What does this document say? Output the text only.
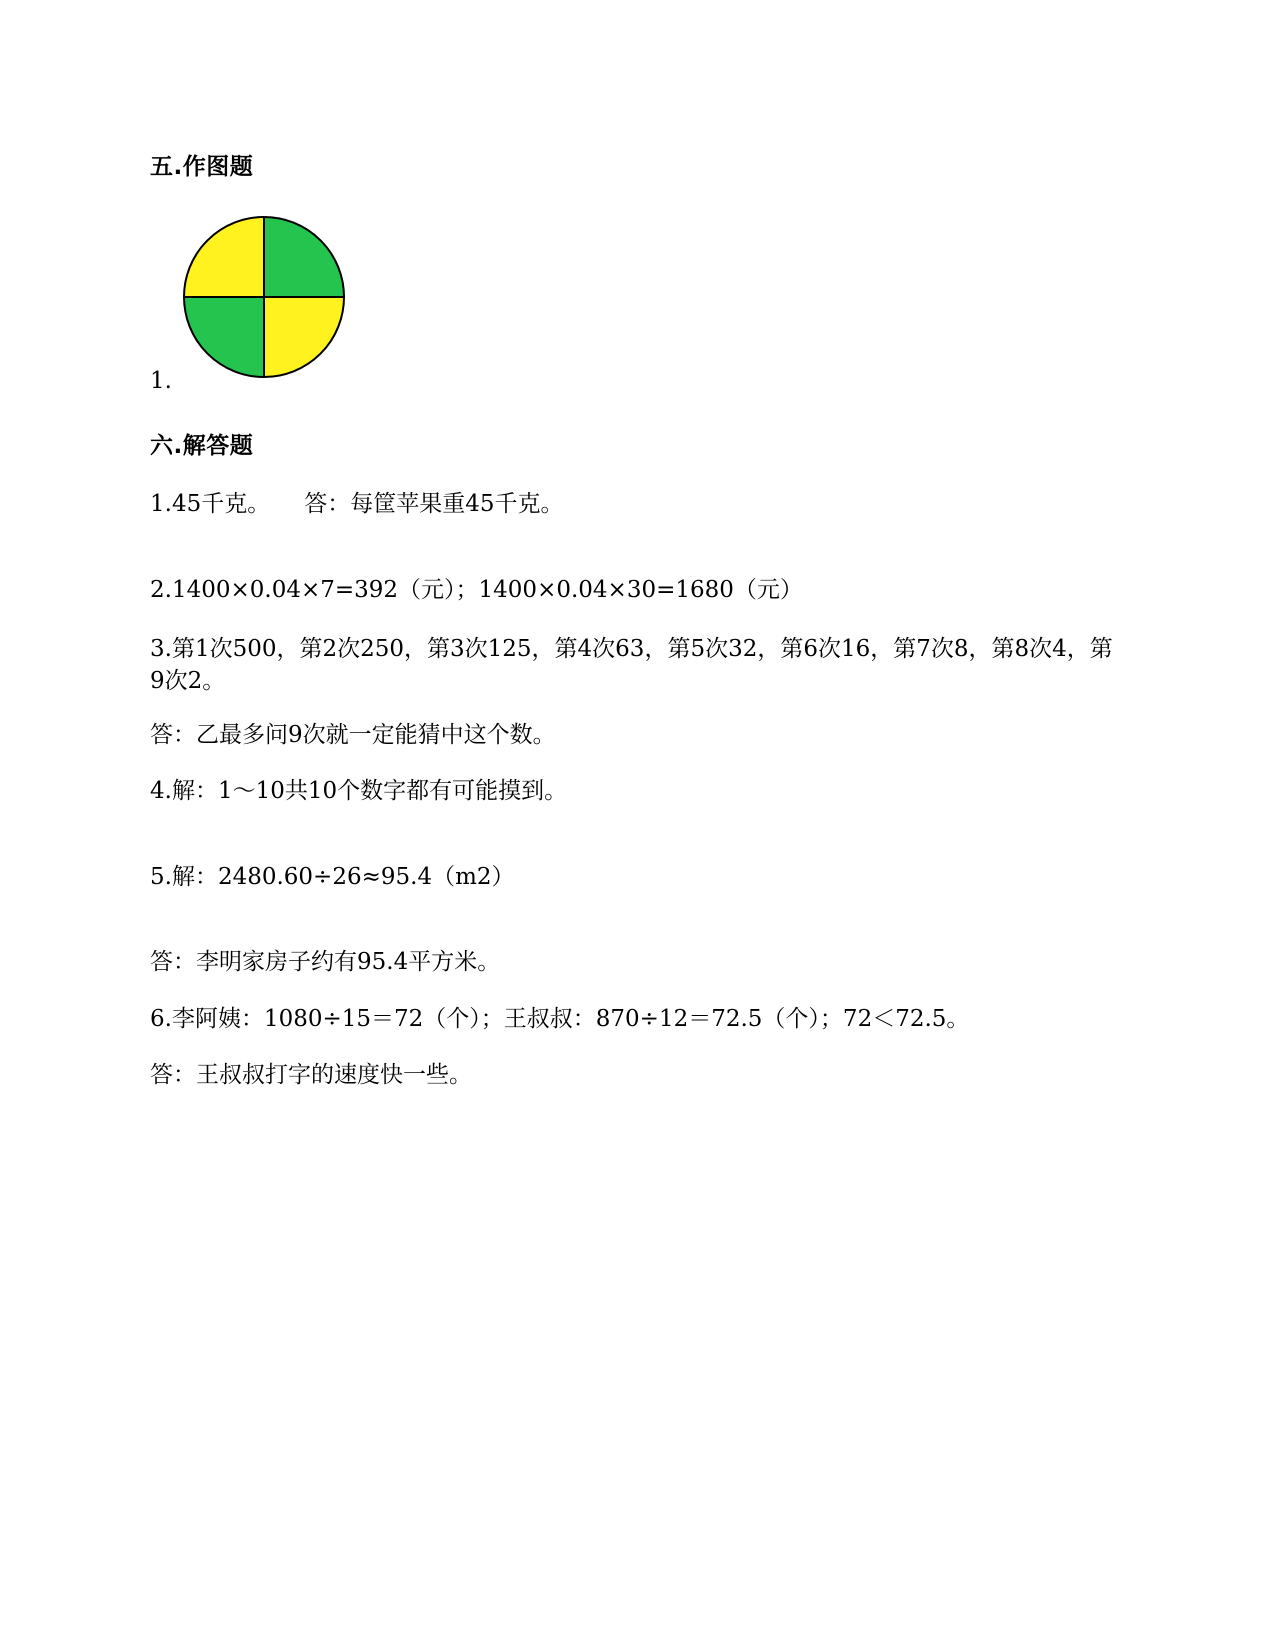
五.作图题
1.
六.解答题
1.45千克。 答：每筐苹果重45千克。
2.1400×0.04×7=392（元）；1400×0.04×30=1680（元）
3.第1次500，第2次250，第3次125，第4次63，第5次32，第6次16，第7次8，第8次4，第9次2。
答：乙最多问9次就一定能猜中这个数。
4.解：1～10共10个数字都有可能摸到。
5.解：2480.60÷26≈95.4（m2）
答：李明家房子约有95.4平方米。
6.李阿姨：1080÷15＝72（个）；王叔叔：870÷12＝72.5（个）；72＜72.5。
答：王叔叔打字的速度快一些。
